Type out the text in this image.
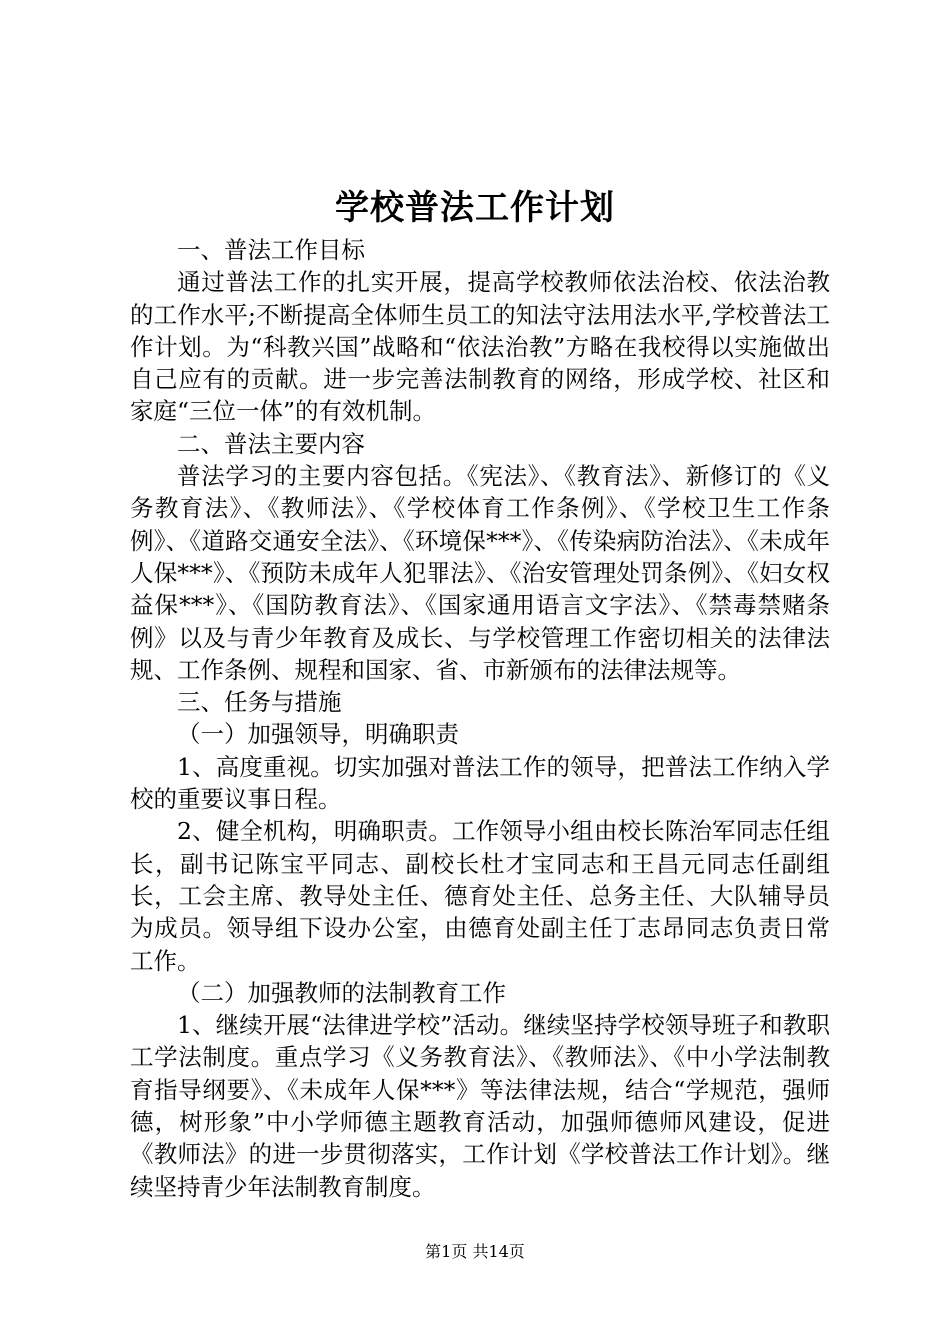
学校普法工作计划

一、普法工作目标

通过普法工作的扎实开展，提高学校教师依法治校、依法治教的工作水平;不断提高全体师生员工的知法守法用法水平,学校普法工作计划。为“科教兴国”战略和“依法治教”方略在我校得以实施做出自己应有的贡献。进一步完善法制教育的网络，形成学校、社区和家庭“三位一体”的有效机制。

二、普法主要内容

普法学习的主要内容包括。《宪法》、《教育法》、新修订的《义务教育法》、《教师法》、《学校体育工作条例》、《学校卫生工作条例》、《道路交通安全法》、《环境保***》、《传染病防治法》、《未成年人保***》、《预防未成年人犯罪法》、《治安管理处罚条例》、《妇女权益保***》、《国防教育法》、《国家通用语言文字法》、《禁毒禁赌条例》以及与青少年教育及成长、与学校管理工作密切相关的法律法规、工作条例、规程和国家、省、市新颁布的法律法规等。

三、任务与措施

（一）加强领导，明确职责

1、高度重视。切实加强对普法工作的领导，把普法工作纳入学校的重要议事日程。

2、健全机构，明确职责。工作领导小组由校长陈治军同志任组长，副书记陈宝平同志、副校长杜才宝同志和王昌元同志任副组长，工会主席、教导处主任、德育处主任、总务主任、大队辅导员为成员。领导组下设办公室，由德育处副主任丁志昂同志负责日常工作。

（二）加强教师的法制教育工作

1、继续开展“法律进学校”活动。继续坚持学校领导班子和教职工学法制度。重点学习《义务教育法》、《教师法》、《中小学法制教育指导纲要》、《未成年人保***》等法律法规，结合“学规范，强师德，树形象”中小学师德主题教育活动，加强师德师风建设，促进《教师法》的进一步贯彻落实，工作计划《学校普法工作计划》。继续坚持青少年法制教育制度。

第1页 共14页
